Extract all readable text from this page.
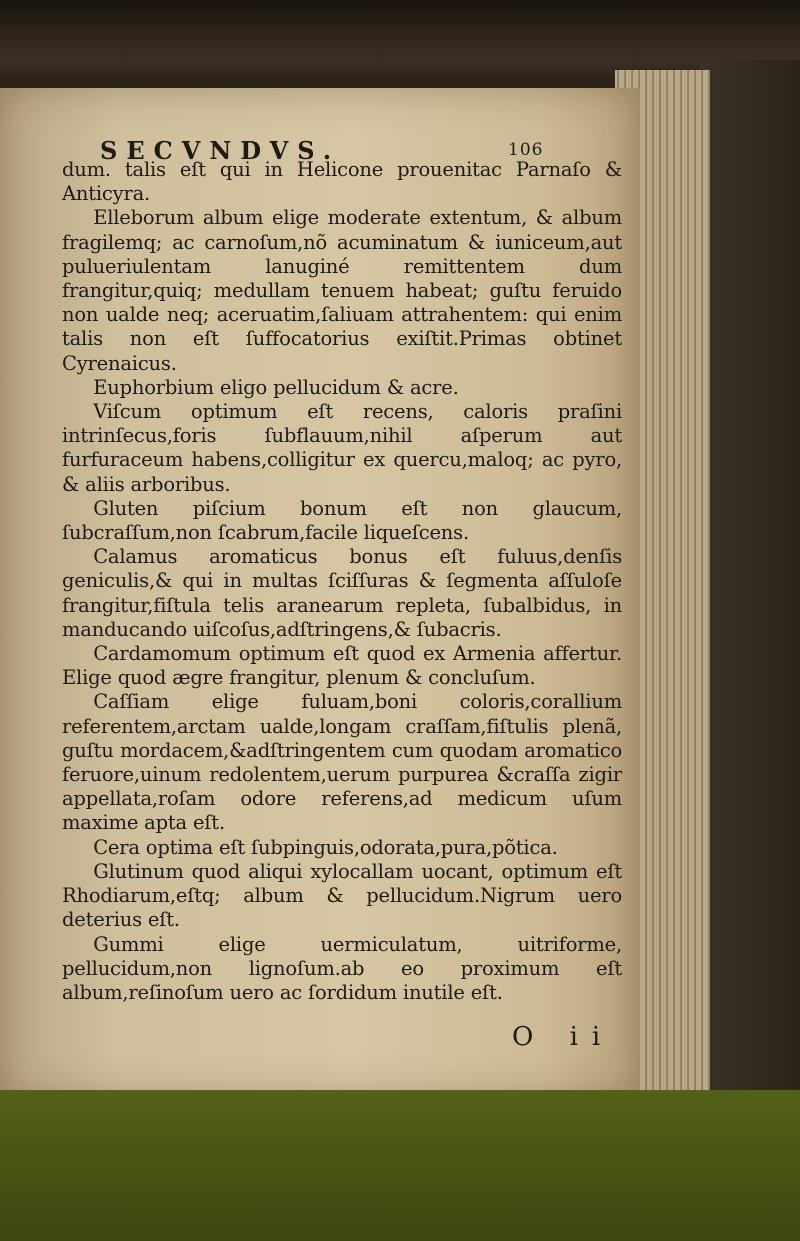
SECVNDVS.	106

dum. talis eſt qui in Helicone prouenitac Parnaſo & Anticyra.

Elleborum album elige moderate extentum, & album fragilemq; ac carnoſum,nõ acuminatum & iuniceum,aut pulueriulentam lanuginé remittentem dum frangitur,quiq; medullam tenuem habeat; guſtu feruido non ualde neq; aceruatim,ſaliuam attrahentem: qui enim talis non eſt ſuffocatorius exiſtit.Primas obtinet Cyrenaicus.

Euphorbium eligo pellucidum & acre.

Viſcum optimum eſt recens, caloris praſini intrinſecus,foris ſubflauum,nihil aſperum aut furfuraceum habens,colligitur ex quercu,maloq; ac pyro, & aliis arboribus.

Gluten piſcium bonum eſt non glaucum, ſubcraſſum,non ſcabrum,facile liqueſcens.

Calamus aromaticus bonus eſt fuluus,denſis geniculis,& qui in multas ſciſſuras & ſegmenta aſſuloſe frangitur,fiſtula telis aranearum repleta, ſubalbidus, in manducando uiſcoſus,adſtringens,& ſubacris.

Cardamomum optimum eſt quod ex Armenia affertur. Elige quod ægre frangitur, plenum & concluſum.

Caſſiam elige fuluam,boni coloris,corallium referentem,arctam ualde,longam craſſam,fiſtulis plenã, guſtu mordacem,&adſtringentem cum quodam aromatico feruore,uinum redolentem,uerum purpurea &craſſa zigir appellata,roſam odore referens,ad medicum uſum maxime apta eſt.

Cera optima eſt ſubpinguis,odorata,pura,põtica.

Glutinum quod aliqui xylocallam uocant, optimum eſt Rhodiarum,eſtq; album & pellucidum.Nigrum uero deterius eſt.

Gummi elige uermiculatum, uitriforme, pellucidum,non lignoſum.ab eo proximum eſt album,reſinoſum uero ac ſordidum inutile eſt.

O ii
